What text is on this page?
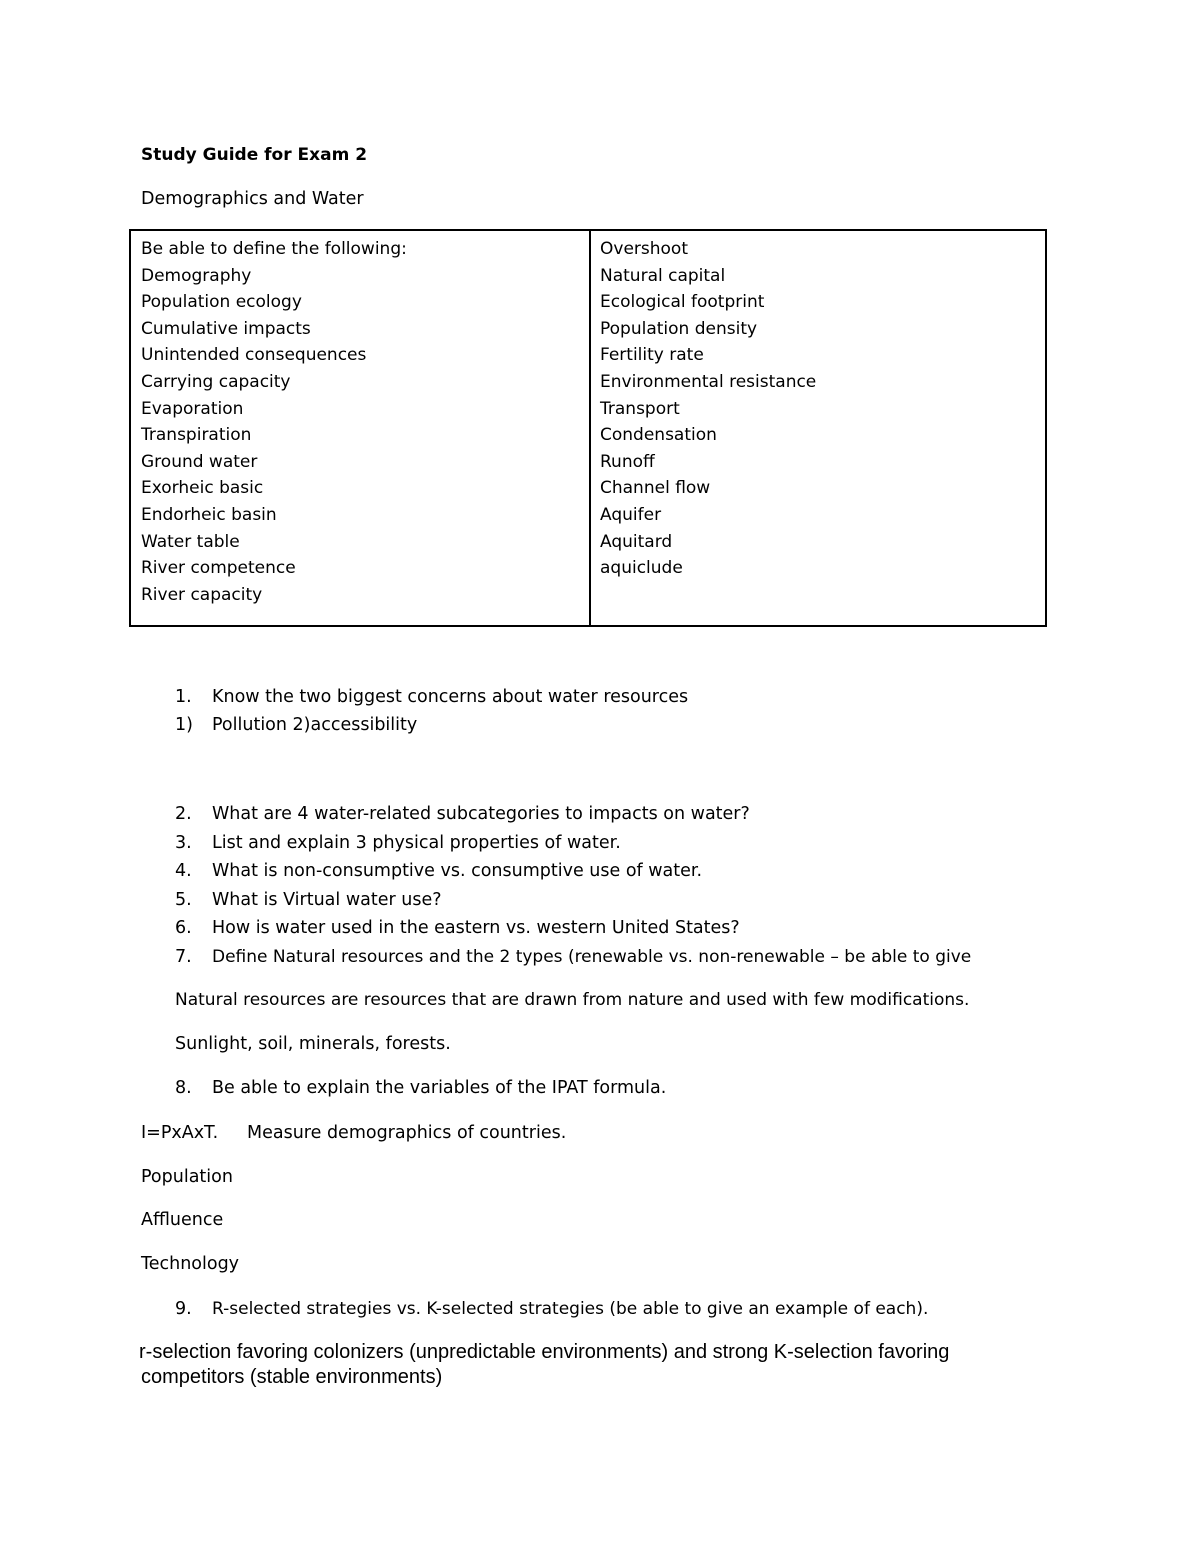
Study Guide for Exam 2
Demographics and Water
Be able to define the following:
Demography
Population ecology
Cumulative impacts
Unintended consequences
Carrying capacity
Evaporation
Transpiration
Ground water
Exorheic basic
Endorheic basin
Water table
River competence
River capacity
Overshoot
Natural capital
Ecological footprint
Population density
Fertility rate
Environmental resistance
Transport
Condensation
Runoff
Channel flow
Aquifer
Aquitard
aquiclude
1. Know the two biggest concerns about water resources
1) Pollution 2)accessibility
2. What are 4 water-related subcategories to impacts on water?
3. List and explain 3 physical properties of water.
4. What is non-consumptive vs. consumptive use of water.
5. What is Virtual water use?
6. How is water used in the eastern vs. western United States?
7. Define Natural resources and the 2 types (renewable vs. non-renewable – be able to give
Natural resources are resources that are drawn from nature and used with few modifications.
Sunlight, soil, minerals, forests.
8. Be able to explain the variables of the IPAT formula.
I=PxAxT. Measure demographics of countries.
Population
Affluence
Technology
9. R-selected strategies vs. K-selected strategies (be able to give an example of each).
r-selection favoring colonizers (unpredictable environments) and strong K-selection favoring
competitors (stable environments)
